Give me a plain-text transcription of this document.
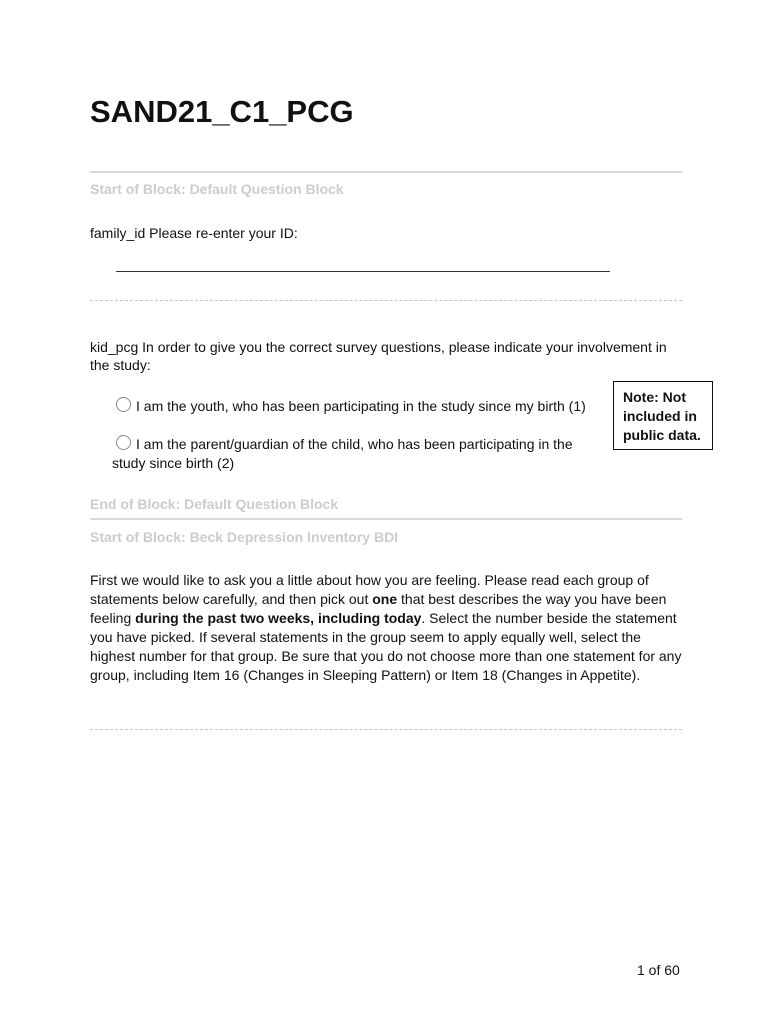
SAND21_C1_PCG
Start of Block: Default Question Block
family_id Please re-enter your ID:
kid_pcg In order to give you the correct survey questions, please indicate your involvement in the study:
I am the youth, who has been participating in the study since my birth (1)
I am the parent/guardian of the child, who has been participating in the
study since birth (2)
Note: Not included in public data.
End of Block: Default Question Block
Start of Block: Beck Depression Inventory BDI
First we would like to ask you a little about how you are feeling. Please read each group of statements below carefully, and then pick out one that best describes the way you have been feeling during the past two weeks, including today. Select the number beside the statement you have picked. If several statements in the group seem to apply equally well, select the highest number for that group. Be sure that you do not choose more than one statement for any group, including Item 16 (Changes in Sleeping Pattern) or Item 18 (Changes in Appetite).
1 of 60
